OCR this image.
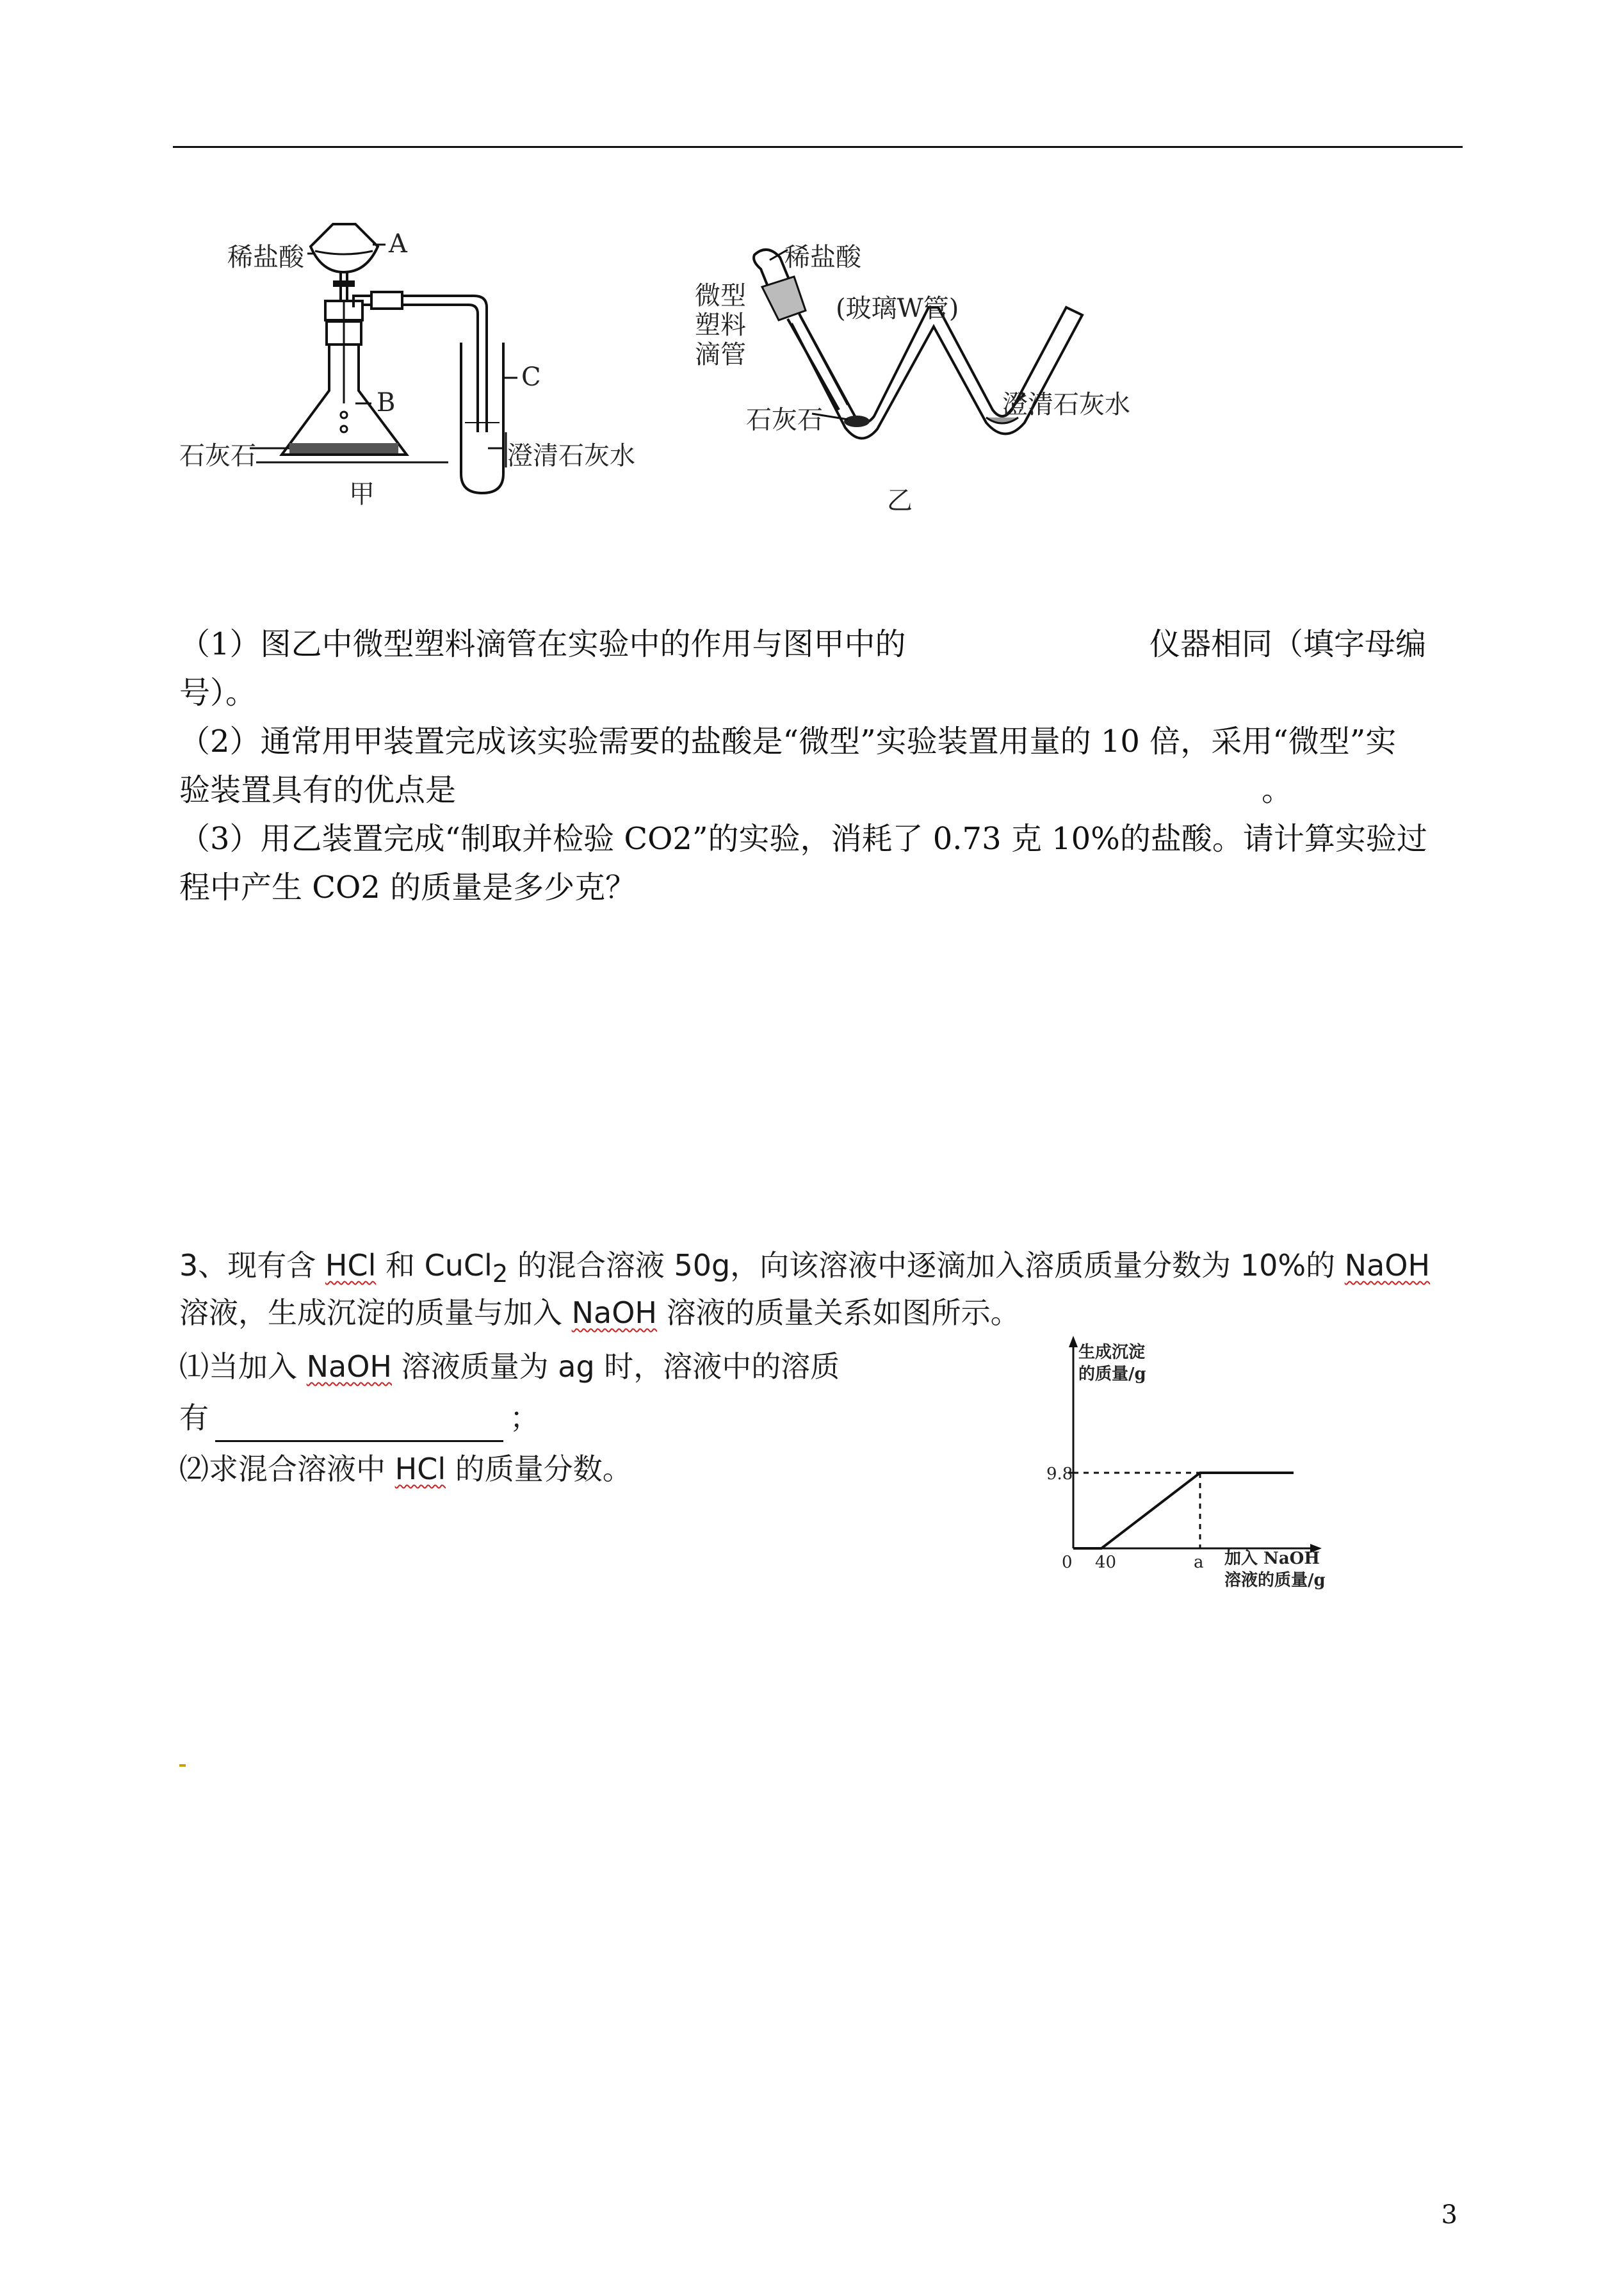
稀盐酸	A
B
C
石灰石	澄清石灰水
甲
稀盐酸
微型
塑料
滴管
(玻璃W管)
石灰石
澄清石灰水
乙
（1）图乙中微型塑料滴管在实验中的作用与图甲中的	仪器相同（填字母编
号）。
（2）通常用甲装置完成该实验需要的盐酸是“微型”实验装置用量的 10 倍，采用“微型”实
验装置具有的优点是	。
（3）用乙装置完成“制取并检验 CO2”的实验，消耗了 0.73 克 10%的盐酸。请计算实验过
程中产生 CO2 的质量是多少克？
3、现有含 HCl 和 CuCl$_2$ 的混合溶液 50g，向该溶液中逐滴加入溶质质量分数为 10%的 NaOH
溶液，生成沉淀的质量与加入 NaOH 溶液的质量关系如图所示。
⑴当加入 NaOH 溶液质量为 ag 时，溶液中的溶质
有	；
⑵求混合溶液中 HCl 的质量分数。
生成沉淀
的质量/g
9.8
0 40	a 加入 NaOH
溶液的质量/g
3
